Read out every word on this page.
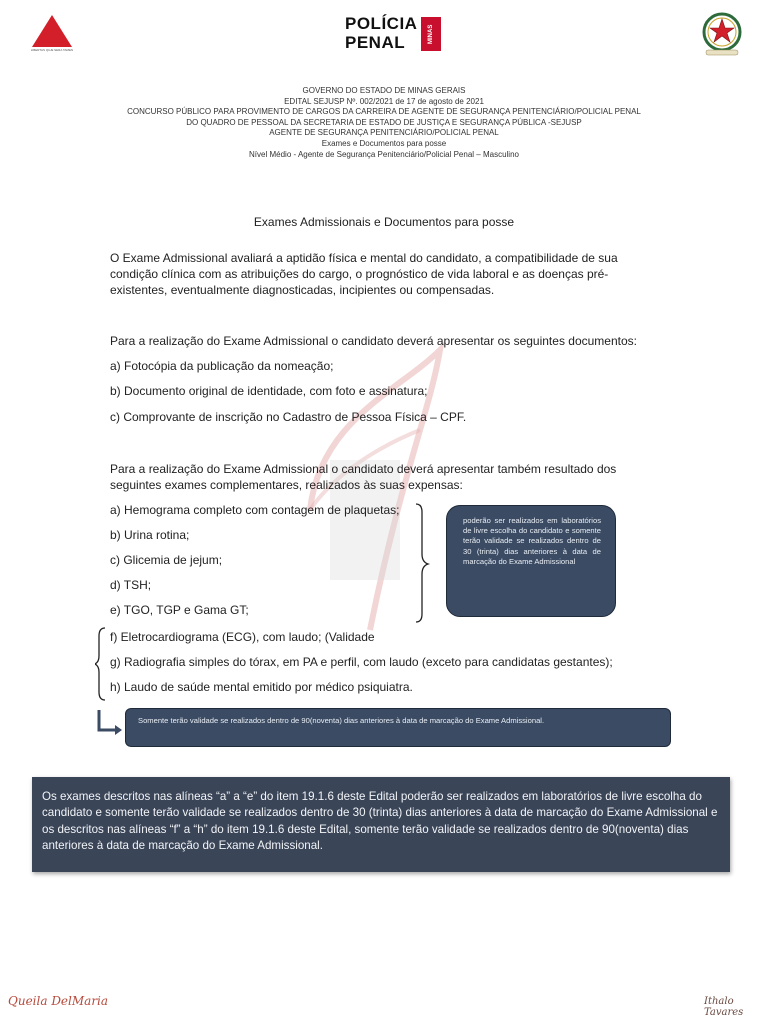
LIBERTAS QUÆ SERA TAMEN
POLÍCIA
PENAL	MINAS GERAIS
GOVERNO DO ESTADO DE MINAS GERAIS
EDITAL SEJUSP Nº. 002/2021 de 17 de agosto de 2021
CONCURSO PÚBLICO PARA PROVIMENTO DE CARGOS DA CARREIRA DE AGENTE DE SEGURANÇA PENITENCIÁRIO/POLICIAL PENAL
DO QUADRO DE PESSOAL DA SECRETARIA DE ESTADO DE JUSTIÇA E SEGURANÇA PÚBLICA -SEJUSP
AGENTE DE SEGURANÇA PENITENCIÁRIO/POLICIAL PENAL
Exames e Documentos para posse
Nível Médio - Agente de Segurança Penitenciário/Policial Penal – Masculino
Exames Admissionais e Documentos para posse
O Exame Admissional avaliará a aptidão física e mental do candidato, a compatibilidade de sua condição clínica com as atribuições do cargo, o prognóstico de vida laboral e as doenças pré-existentes, eventualmente diagnosticadas, incipientes ou compensadas.
Para a realização do Exame Admissional o candidato deverá apresentar os seguintes documentos:
a) Fotocópia da publicação da nomeação;
b) Documento original de identidade, com foto e assinatura;
c) Comprovante de inscrição no Cadastro de Pessoa Física – CPF.
Para a realização do Exame Admissional o candidato deverá apresentar também resultado dos seguintes exames complementares, realizados às suas expensas:
a) Hemograma completo com contagem de plaquetas;
b) Urina rotina;
c) Glicemia de jejum;
d) TSH;
e) TGO, TGP e Gama GT;
f) Eletrocardiograma (ECG), com laudo; (Validade
g) Radiografia simples do tórax, em PA e perfil, com laudo (exceto para candidatas gestantes);
h) Laudo de saúde mental emitido por médico psiquiatra.
poderão ser realizados em laboratórios de livre escolha do candidato e somente terão validade se realizados dentro de 30 (trinta) dias anteriores à data de marcação do Exame Admissional
Somente terão validade se realizados dentro de 90(noventa) dias anteriores à data de marcação do Exame Admissional.
Os exames descritos nas alíneas “a” a “e” do item 19.1.6 deste Edital poderão ser realizados em laboratórios de livre escolha do candidato e somente terão validade se realizados dentro de 30 (trinta) dias anteriores à data de marcação do Exame Admissional e os descritos nas alíneas “f” a “h” do item 19.1.6 deste Edital, somente terão validade se realizados dentro de 90(noventa) dias anteriores à data de marcação do Exame Admissional.
Queila DelMaria	Ithalo Tavares
